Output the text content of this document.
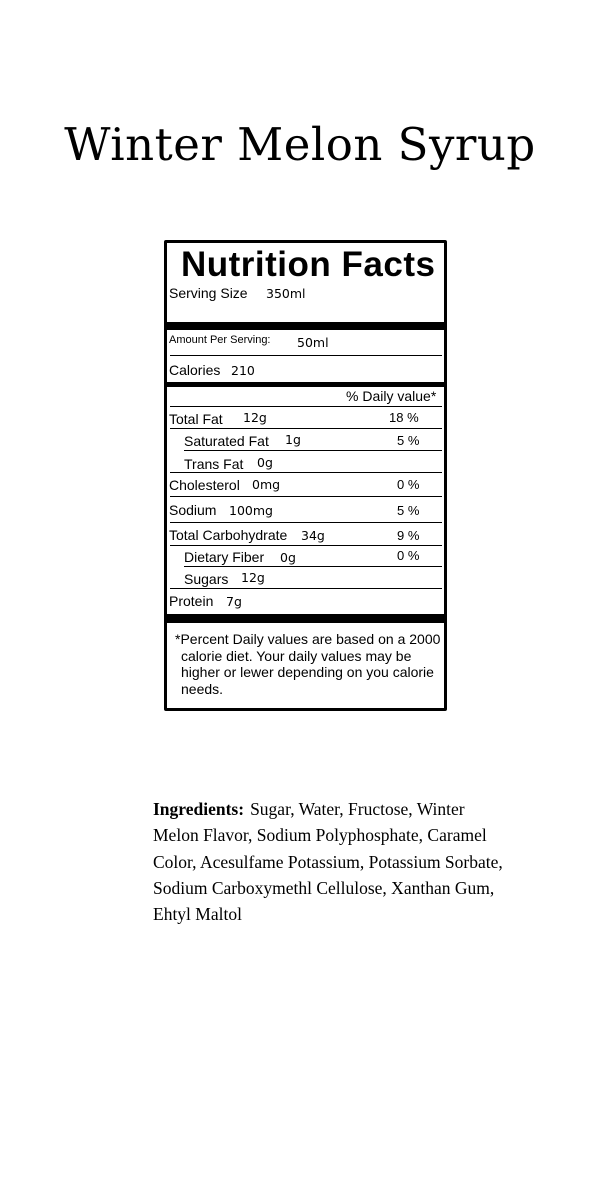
Winter Melon Syrup
Nutrition Facts
Serving Size 350ml
Amount Per Serving: 50ml
Calories 210
% Daily value*
Total Fat 12g	18 %
Saturated Fat 1g	5 %
Trans Fat 0g
Cholesterol 0mg	0 %
Sodium 100mg	5 %
Total Carbohydrate 34g	9 %
Dietary Fiber 0g	0 %
Sugars 12g
Protein 7g
*Percent Daily values are based on a 2000 calorie diet. Your daily values may be higher or lewer depending on you calorie needs.
Ingredients: Sugar, Water, Fructose, Winter Melon Flavor, Sodium Polyphosphate, Caramel Color, Acesulfame Potassium, Potassium Sorbate, Sodium Carboxymethl Cellulose, Xanthan Gum, Ehtyl Maltol
